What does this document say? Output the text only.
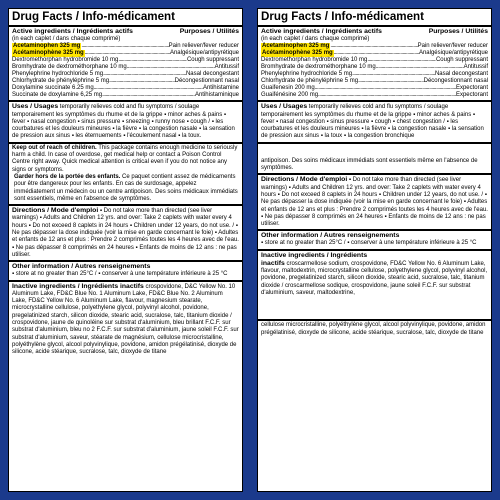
Drug Facts / Info-médicament
Active ingredients / Ingrédients actifs	Purposes / Utilités
(in each caplet / dans chaque comprimé)
Acetaminophen 325 mg .....	Pain reliever/fever reducer
Acétaminophène 325 mg .....	Analgésique/antipyrétique
Dextromethorphan hydrobromide 10 mg .....	Cough suppressant
Bromhydrate de dextrométhorphane 10 mg .....	Antitussif
Phenylephrine hydrochloride 5 mg .....	Nasal decongestant
Chlorhydrate de phényléphrine 5 mg .....	Décongestionnant nasal
Doxylamine succinate 6.25 mg .....	Antihistamine
Succinate de doxylamine 6,25 mg .....	Antihistaminique
Uses / Usages temporarily relieves cold and flu symptoms / soulage temporairement les symptômes du rhume et de la grippe ▪ minor aches & pains ▪ fever ▪ nasal congestion ▪ sinus pressure ▪ sneezing ▪ runny nose ▪ cough / ▪ les courbatures et les douleurs mineures ▪ la fièvre ▪ la congestion nasale ▪ la sensation de pression aux sinus ▪ les éternuements ▪ l'écoulement nasal ▪ la toux.
Keep out of reach of children. This package contains enough medicine to seriously harm a child. In case of overdose, get medical help or contact a Poison Control Centre right away. Quick medical attention is critical even if you do not notice any signs or symptoms.
Garder hors de la portée des enfants. Ce paquet contient assez de médicaments pour être dangereux pour les enfants. En cas de surdosage, appelez immédiatement un médecin ou un centre antipoison. Des soins médicaux immédiats sont essentiels, même en l'absence de symptômes.
Directions / Mode d'emploi ▪ Do not take more than directed (see liver warnings) ▪ Adults and Children 12 yrs. and over: Take 2 caplets with water every 4 hours ▪ Do not exceed 8 caplets in 24 hours ▪ Children under 12 years, do not use. / ▪ Ne pas dépasser la dose indiquée (voir la mise en garde concernant le foie) ▪ Adultes et enfants de 12 ans et plus : Prendre 2 comprimés toutes les 4 heures avec de l'eau. ▪ Ne pas dépasser 8 comprimés en 24 heures ▪ Enfants de moins de 12 ans : ne pas utiliser.
Other information / Autres renseignements
▪ store at no greater than 25°C / ▪ conserver à une température inférieure à 25 °C
Inactive ingredients / Ingrédients inactifs crospovidone, D&C Yellow No. 10 Aluminum Lake, FD&C Blue No. 1 Aluminum Lake, FD&C Blue No. 2 Aluminum Lake, FD&C Yellow No. 6 Aluminum Lake, flavour, magnesium stearate, microcrystalline cellulose, polyethylene glycol, polyvinyl alcohol, povidone, pregelatinized starch, silicon dioxide, stearic acid, sucralose, talc, titanium dioxide / crospovidone, jaune de quinoléine sur substrat d'aluminium, bleu brillant F.C.F. sur substrat d'aluminium, bleu no 2 F.C.F. sur substrat d'aluminium, jaune soleil F.C.F. sur substrat d'aluminium, saveur, stéarate de magnésium, cellulose microcristalline, polyéthylène glycol, alcool polyvinylique, povidone, amidon prégélatinisé, dioxyde de silicone, acide stéarique, sucralose, talc, dioxyde de titane
Drug Facts / Info-médicament
Active ingredients / Ingrédients actifs	Purposes / Utilités
(in each caplet / dans chaque comprimé)
Acetaminophen 325 mg .....	Pain reliever/fever reducer
Acétaminophène 325 mg .....	Analgésique/antipyrétique
Dextromethorphan hydrobromide 10 mg .....	Cough suppressant
Bromhydrate de dextrométhorphane 10 mg .....	Antitussif
Phenylephrine hydrochloride 5 mg .....	Nasal decongestant
Chlorhydrate de phényléphrine 5 mg .....	Décongestionnant nasal
Guaifenesin 200 mg .....	Expectorant
Guaifénésine 200 mg .....	Expectorant
Uses / Usages temporarily relieves cold and flu symptoms / soulage temporairement les symptômes du rhume et de la grippe ▪ minor aches & pains ▪ fever ▪ nasal congestion ▪ sinus pressure ▪ cough ▪ chest congestion / ▪ les courbatures et les douleurs mineures ▪ la fièvre ▪ la congestion nasale ▪ la sensation de pression aux sinus ▪ la toux ▪ la congestion bronchique
antipoison. Des soins médicaux immédiats sont essentiels même en l'absence de symptômes.
Directions / Mode d'emploi ▪ Do not take more than directed (see liver warnings) ▪ Adults and Children 12 yrs. and over: Take 2 caplets with water every 4 hours ▪ Do not exceed 8 caplets in 24 hours ▪ Children under 12 years, do not use. / ▪ Ne pas dépasser la dose indiquée (voir la mise en garde concernant le foie) ▪ Adultes et enfants de 12 ans et plus : Prendre 2 comprimés toutes les 4 heures avec de l'eau. ▪ Ne pas dépasser 8 comprimés en 24 heures ▪ Enfants de moins de 12 ans : ne pas utiliser.
Other information / Autres renseignements
▪ store at no greater than 25°C / ▪ conserver à une température inférieure à 25 °C
Inactive ingredients / Ingrédients
inactifs croscarmellose sodium, crospovidone, FD&C Yellow No. 6 Aluminum Lake, flavour, maltodextrin, microcrystalline cellulose, polyethylene glycol, polyvinyl alcohol, povidone, pregelatinized starch, silicon dioxide, stearic acid, sucralose, talc, titanium dioxide / croscarmellose sodique, crospovidone, jaune soleil F.C.F. sur substrat d'aluminium, saveur, maltodextrine,
cellulose microcristalline, polyéthylène glycol, alcool polyvinylique, povidone, amidon prégélatinisé, dioxyde de silicone, acide stéarique, sucralose, talc, dioxyde de titane
